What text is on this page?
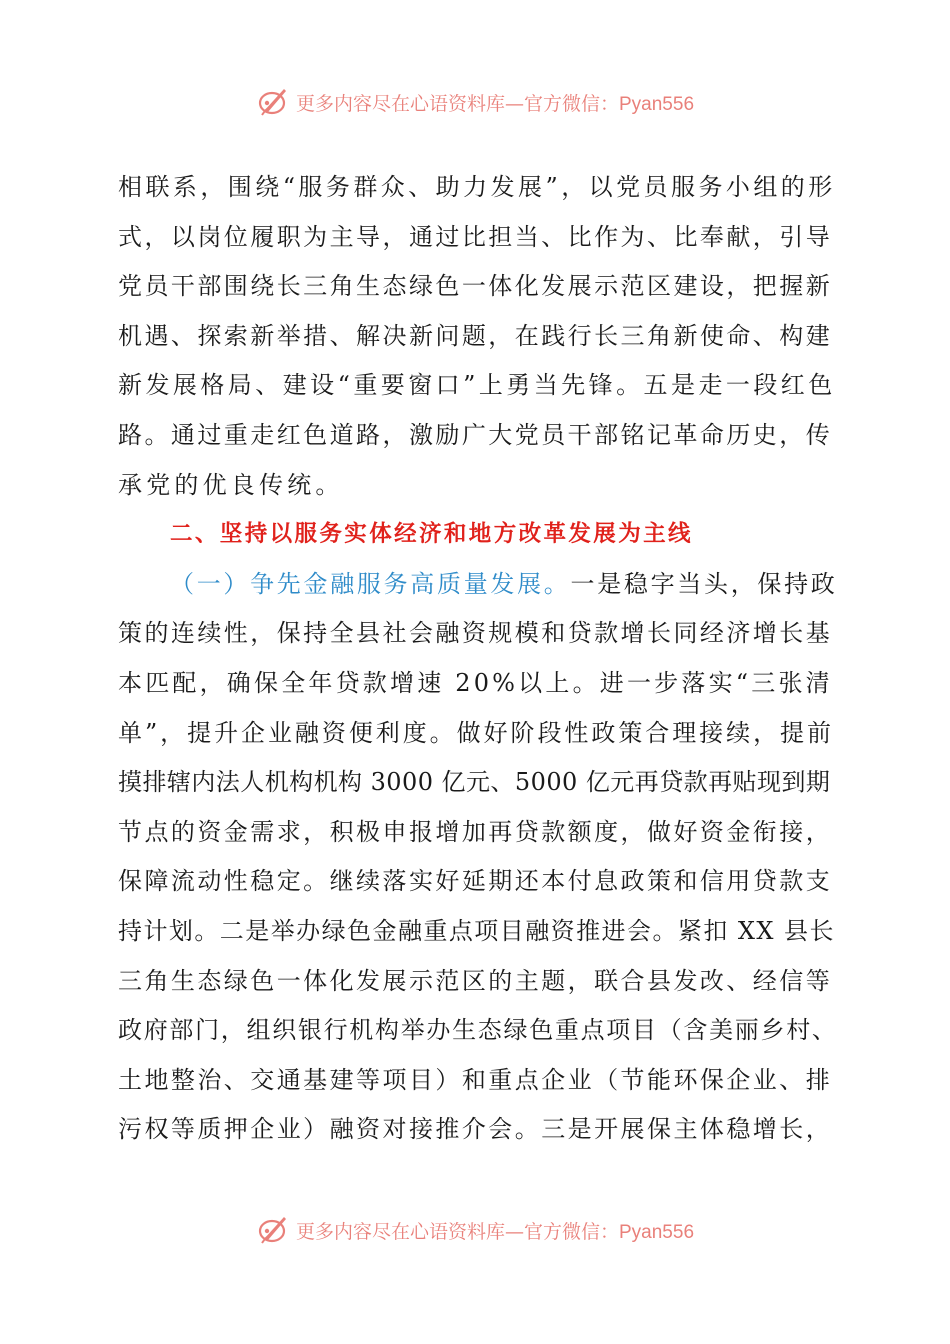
更多内容尽在心语资料库—官方微信：Pyan556
相联系，围绕“服务群众、助力发展”，以党员服务小组的形
式，以岗位履职为主导，通过比担当、比作为、比奉献，引导
党员干部围绕长三角生态绿色一体化发展示范区建设，把握新
机遇、探索新举措、解决新问题，在践行长三角新使命、构建
新发展格局、建设“重要窗口”上勇当先锋。五是走一段红色
路。通过重走红色道路，激励广大党员干部铭记革命历史，传
承党的优良传统。
二、坚持以服务实体经济和地方改革发展为主线
（一）争先金融服务高质量发展。一是稳字当头，保持政
策的连续性，保持全县社会融资规模和贷款增长同经济增长基
本匹配，确保全年贷款增速 20%以上。进一步落实“三张清
单”，提升企业融资便利度。做好阶段性政策合理接续，提前
摸排辖内法人机构机构 3000 亿元、5000 亿元再贷款再贴现到期
节点的资金需求，积极申报增加再贷款额度，做好资金衔接，
保障流动性稳定。继续落实好延期还本付息政策和信用贷款支
持计划。二是举办绿色金融重点项目融资推进会。紧扣 XX 县长
三角生态绿色一体化发展示范区的主题，联合县发改、经信等
政府部门，组织银行机构举办生态绿色重点项目（含美丽乡村、
土地整治、交通基建等项目）和重点企业（节能环保企业、排
污权等质押企业）融资对接推介会。三是开展保主体稳增长，
更多内容尽在心语资料库—官方微信：Pyan556
